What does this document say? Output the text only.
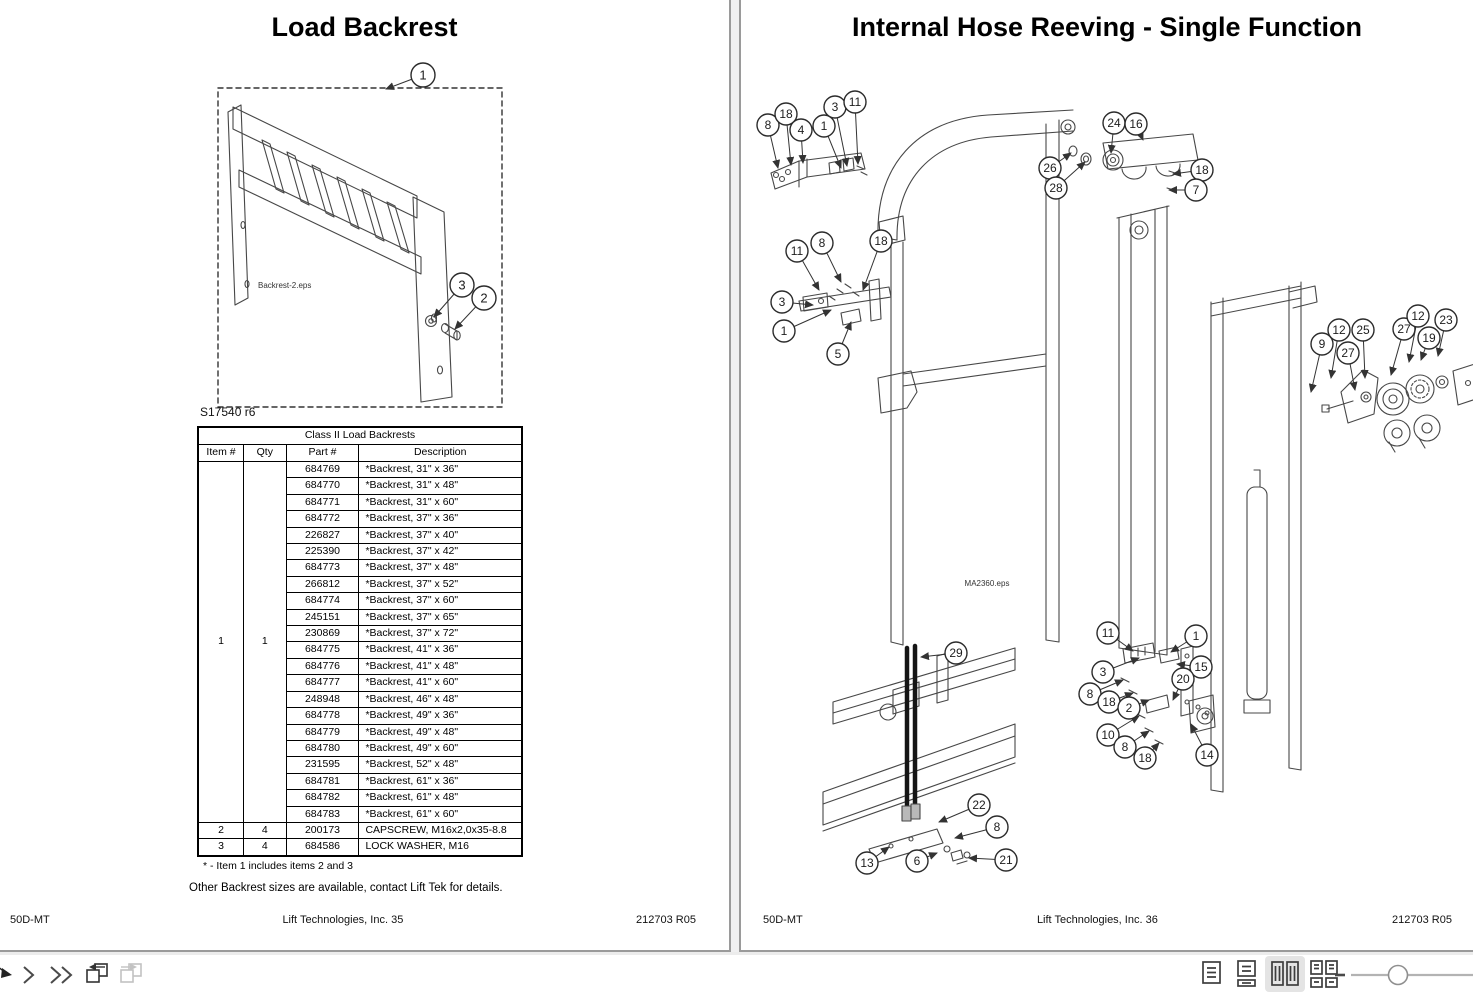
Load Backrest
Backrest-2.eps
S17540 r6
1
3
2
Class II Load Backrests			
Item #	Qty	Part #	Description
1	1	684769	*Backrest, 31" x 36"
		684770	*Backrest, 31" x 48"
		684771	*Backrest, 31" x 60"
		684772	*Backrest, 37" x 36"
		226827	*Backrest, 37" x 40"
		225390	*Backrest, 37" x 42"
		684773	*Backrest, 37" x 48"
		266812	*Backrest, 37" x 52"
		684774	*Backrest, 37" x 60"
		245151	*Backrest, 37" x 65"
		230869	*Backrest, 37" x 72"
		684775	*Backrest, 41" x 36"
		684776	*Backrest, 41" x 48"
		684777	*Backrest, 41" x 60"
		248948	*Backrest, 46" x 48"
		684778	*Backrest, 49" x 36"
		684779	*Backrest, 49" x 48"
		684780	*Backrest, 49" x 60"
		231595	*Backrest, 52" x 48"
		684781	*Backrest, 61" x 36"
		684782	*Backrest, 61" x 48"
		684783	*Backrest, 61" x 60"
2	4	200173	CAPSCREW, M16x2,0x35-8.8
3	4	684586	LOCK WASHER, M16
* - Item 1 includes items 2 and 3
Other Backrest sizes are available, contact Lift Tek for details.
50D-MT	Lift Technologies, Inc. 35	212703 R05
Internal Hose Reeving - Single Function
MA2360.eps
8
18
4 1
3 11
26
28
24 16
18
7
11
8	18
3
1
5
9
12
27
25 27
12
19
23
29
22
8
13	6	21
11	1
3	15
8
18 2
20
10
8
18	14
50D-MT	Lift Technologies, Inc. 36	212703 R05
